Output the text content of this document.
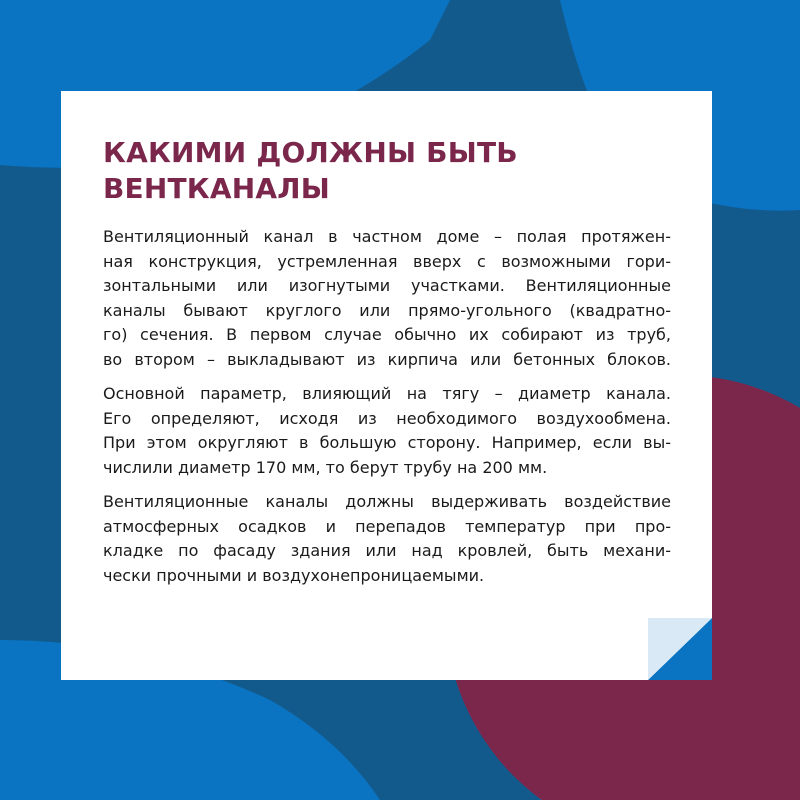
КАКИМИ ДОЛЖНЫ БЫТЬ
ВЕНТКАНАЛЫ

Вентиляционный канал в частном доме – полая протяжен-
ная конструкция, устремленная вверх с возможными гори-
зонтальными или изогнутыми участками. Вентиляционные
каналы бывают круглого или прямо-угольного (квадратно-
го) сечения. В первом случае обычно их собирают из труб,
во втором – выкладывают из кирпича или бетонных блоков.

Основной параметр, влияющий на тягу – диаметр канала.
Его определяют, исходя из необходимого воздухообмена.
При этом округляют в большую сторону. Например, если вы-
числили диаметр 170 мм, то берут трубу на 200 мм.

Вентиляционные каналы должны выдерживать воздействие
атмосферных осадков и перепадов температур при про-
кладке по фасаду здания или над кровлей, быть механи-
чески прочными и воздухонепроницаемыми.
